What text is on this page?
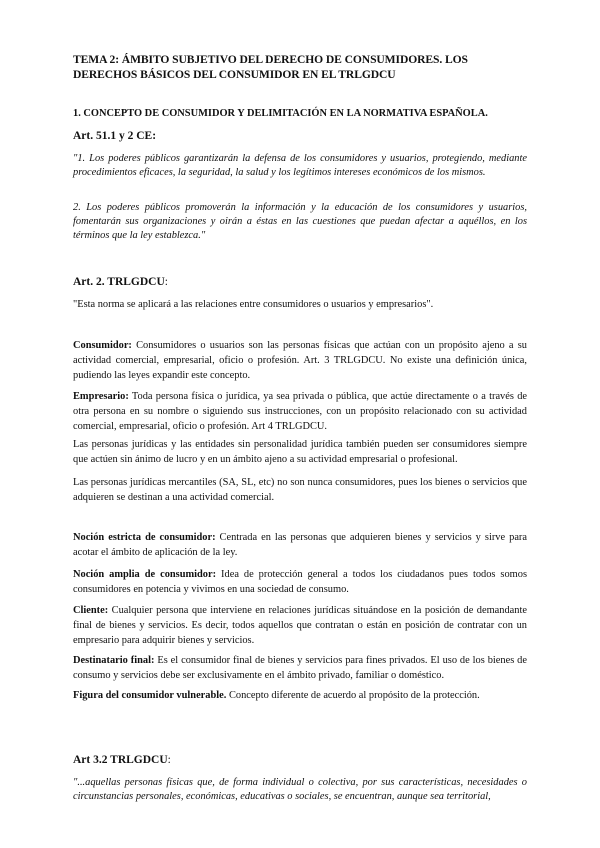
TEMA 2: ÁMBITO SUBJETIVO DEL DERECHO DE CONSUMIDORES. LOS DERECHOS BÁSICOS DEL CONSUMIDOR EN EL TRLGDCU

1. CONCEPTO DE CONSUMIDOR Y DELIMITACIÓN EN LA NORMATIVA ESPAÑOLA.

Art. 51.1 y 2 CE:

"1. Los poderes públicos garantizarán la defensa de los consumidores y usuarios, protegiendo, mediante procedimientos eficaces, la seguridad, la salud y los legítimos intereses económicos de los mismos.

2. Los poderes públicos promoverán la información y la educación de los consumidores y usuarios, fomentarán sus organizaciones y oirán a éstas en las cuestiones que puedan afectar a aquéllos, en los términos que la ley establezca."

Art. 2. TRLGDCU:

"Esta norma se aplicará a las relaciones entre consumidores o usuarios y empresarios".

Consumidor: Consumidores o usuarios son las personas físicas que actúan con un propósito ajeno a su actividad comercial, empresarial, oficio o profesión. Art. 3 TRLGDCU. No existe una definición única, pudiendo las leyes expandir este concepto.

Empresario: Toda persona física o jurídica, ya sea privada o pública, que actúe directamente o a través de otra persona en su nombre o siguiendo sus instrucciones, con un propósito relacionado con su actividad comercial, empresarial, oficio o profesión. Art 4 TRLGDCU.

Las personas jurídicas y las entidades sin personalidad jurídica también pueden ser consumidores siempre que actúen sin ánimo de lucro y en un ámbito ajeno a su actividad empresarial o profesional.

Las personas jurídicas mercantiles (SA, SL, etc) no son nunca consumidores, pues los bienes o servicios que adquieren se destinan a una actividad comercial.

Noción estricta de consumidor: Centrada en las personas que adquieren bienes y servicios y sirve para acotar el ámbito de aplicación de la ley.

Noción amplia de consumidor: Idea de protección general a todos los ciudadanos pues todos somos consumidores en potencia y vivimos en una sociedad de consumo.

Cliente: Cualquier persona que interviene en relaciones jurídicas situándose en la posición de demandante final de bienes y servicios. Es decir, todos aquellos que contratan o están en posición de contratar con un empresario para adquirir bienes y servicios.

Destinatario final: Es el consumidor final de bienes y servicios para fines privados. El uso de los bienes de consumo y servicios debe ser exclusivamente en el ámbito privado, familiar o doméstico.

Figura del consumidor vulnerable. Concepto diferente de acuerdo al propósito de la protección.

Art 3.2 TRLGDCU:

"...aquellas personas físicas que, de forma individual o colectiva, por sus características, necesidades o circunstancias personales, económicas, educativas o sociales, se encuentran, aunque sea territorial,
